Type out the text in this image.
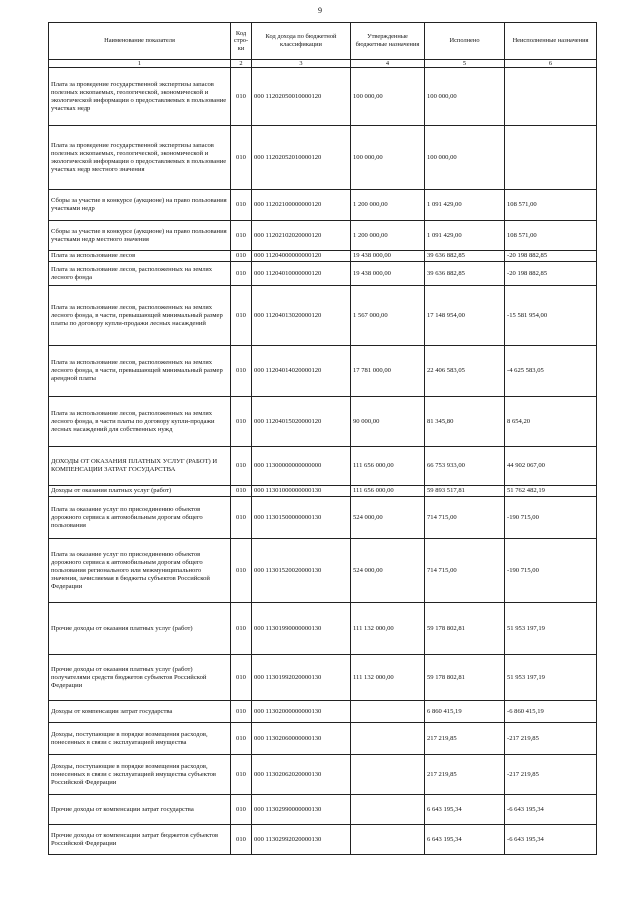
9
Наименование показателя	Код стро-ки	Код дохода по бюджетной классификации	Утвержденные бюджетные назначения	Исполнено	Неисполненные назначения
1	2	3	4	5	6
Плата за проведение государственной экспертизы запасов полезных ископаемых, геологической, экономической и экологической информации о предоставляемых в пользование участках недр	010	000 11202050010000120	100 000,00	100 000,00	
Плата за проведение государственной экспертизы запасов полезных ископаемых, геологической, экономической и экологической информации о предоставляемых в пользование участках недр местного значения	010	000 11202052010000120	100 000,00	100 000,00	
Сборы за участие в конкурсе (аукционе) на право пользования участками недр	010	000 11202100000000120	1 200 000,00	1 091 429,00	108 571,00
Сборы за участие в конкурсе (аукционе) на право пользования участками недр местного значения	010	000 11202102020000120	1 200 000,00	1 091 429,00	108 571,00
Плата за использование лесов	010	000 11204000000000120	19 438 000,00	39 636 882,85	-20 198 882,85
Плата за использование лесов, расположенных на землях лесного фонда	010	000 11204010000000120	19 438 000,00	39 636 882,85	-20 198 882,85
Плата за использование лесов, расположенных на землях лесного фонда, в части, превышающей минимальный размер платы по договору купли-продажи лесных насаждений	010	000 11204013020000120	1 567 000,00	17 148 954,00	-15 581 954,00
Плата за использование лесов, расположенных на землях лесного фонда, в части, превышающей минимальный размер арендной платы	010	000 11204014020000120	17 781 000,00	22 406 583,05	-4 625 583,05
Плата за использование лесов, расположенных на землях лесного фонда, в части платы по договору купли-продажи лесных насаждений для собственных нужд	010	000 11204015020000120	90 000,00	81 345,80	8 654,20
ДОХОДЫ ОТ ОКАЗАНИЯ ПЛАТНЫХ УСЛУГ (РАБОТ) И КОМПЕНСАЦИИ ЗАТРАТ ГОСУДАРСТВА	010	000 11300000000000000	111 656 000,00	66 753 933,00	44 902 067,00
Доходы от оказания платных услуг (работ)	010	000 11301000000000130	111 656 000,00	59 893 517,81	51 762 482,19
Плата за оказание услуг по присоединению объектов дорожного сервиса к автомобильным дорогам общего пользования	010	000 11301500000000130	524 000,00	714 715,00	-190 715,00
Плата за оказание услуг по присоединению объектов дорожного сервиса к автомобильным дорогам общего пользования регионального или межмуниципального значения, зачисляемая в бюджеты субъектов Российской Федерации	010	000 11301520020000130	524 000,00	714 715,00	-190 715,00
Прочие доходы от оказания платных услуг (работ)	010	000 11301990000000130	111 132 000,00	59 178 802,81	51 953 197,19
Прочие доходы от оказания платных услуг (работ) получателями средств бюджетов субъектов Российской Федерации	010	000 11301992020000130	111 132 000,00	59 178 802,81	51 953 197,19
Доходы от компенсации затрат государства	010	000 11302000000000130		6 860 415,19	-6 860 415,19
Доходы, поступающие в порядке возмещения расходов, понесенных в связи с эксплуатацией имущества	010	000 11302060000000130		217 219,85	-217 219,85
Доходы, поступающие в порядке возмещения расходов, понесенных в связи с эксплуатацией имущества субъектов Российской Федерации	010	000 11302062020000130		217 219,85	-217 219,85
Прочие доходы от компенсации затрат государства	010	000 11302990000000130		6 643 195,34	-6 643 195,34
Прочие доходы от компенсации затрат бюджетов субъектов Российской Федерации	010	000 11302992020000130		6 643 195,34	-6 643 195,34
